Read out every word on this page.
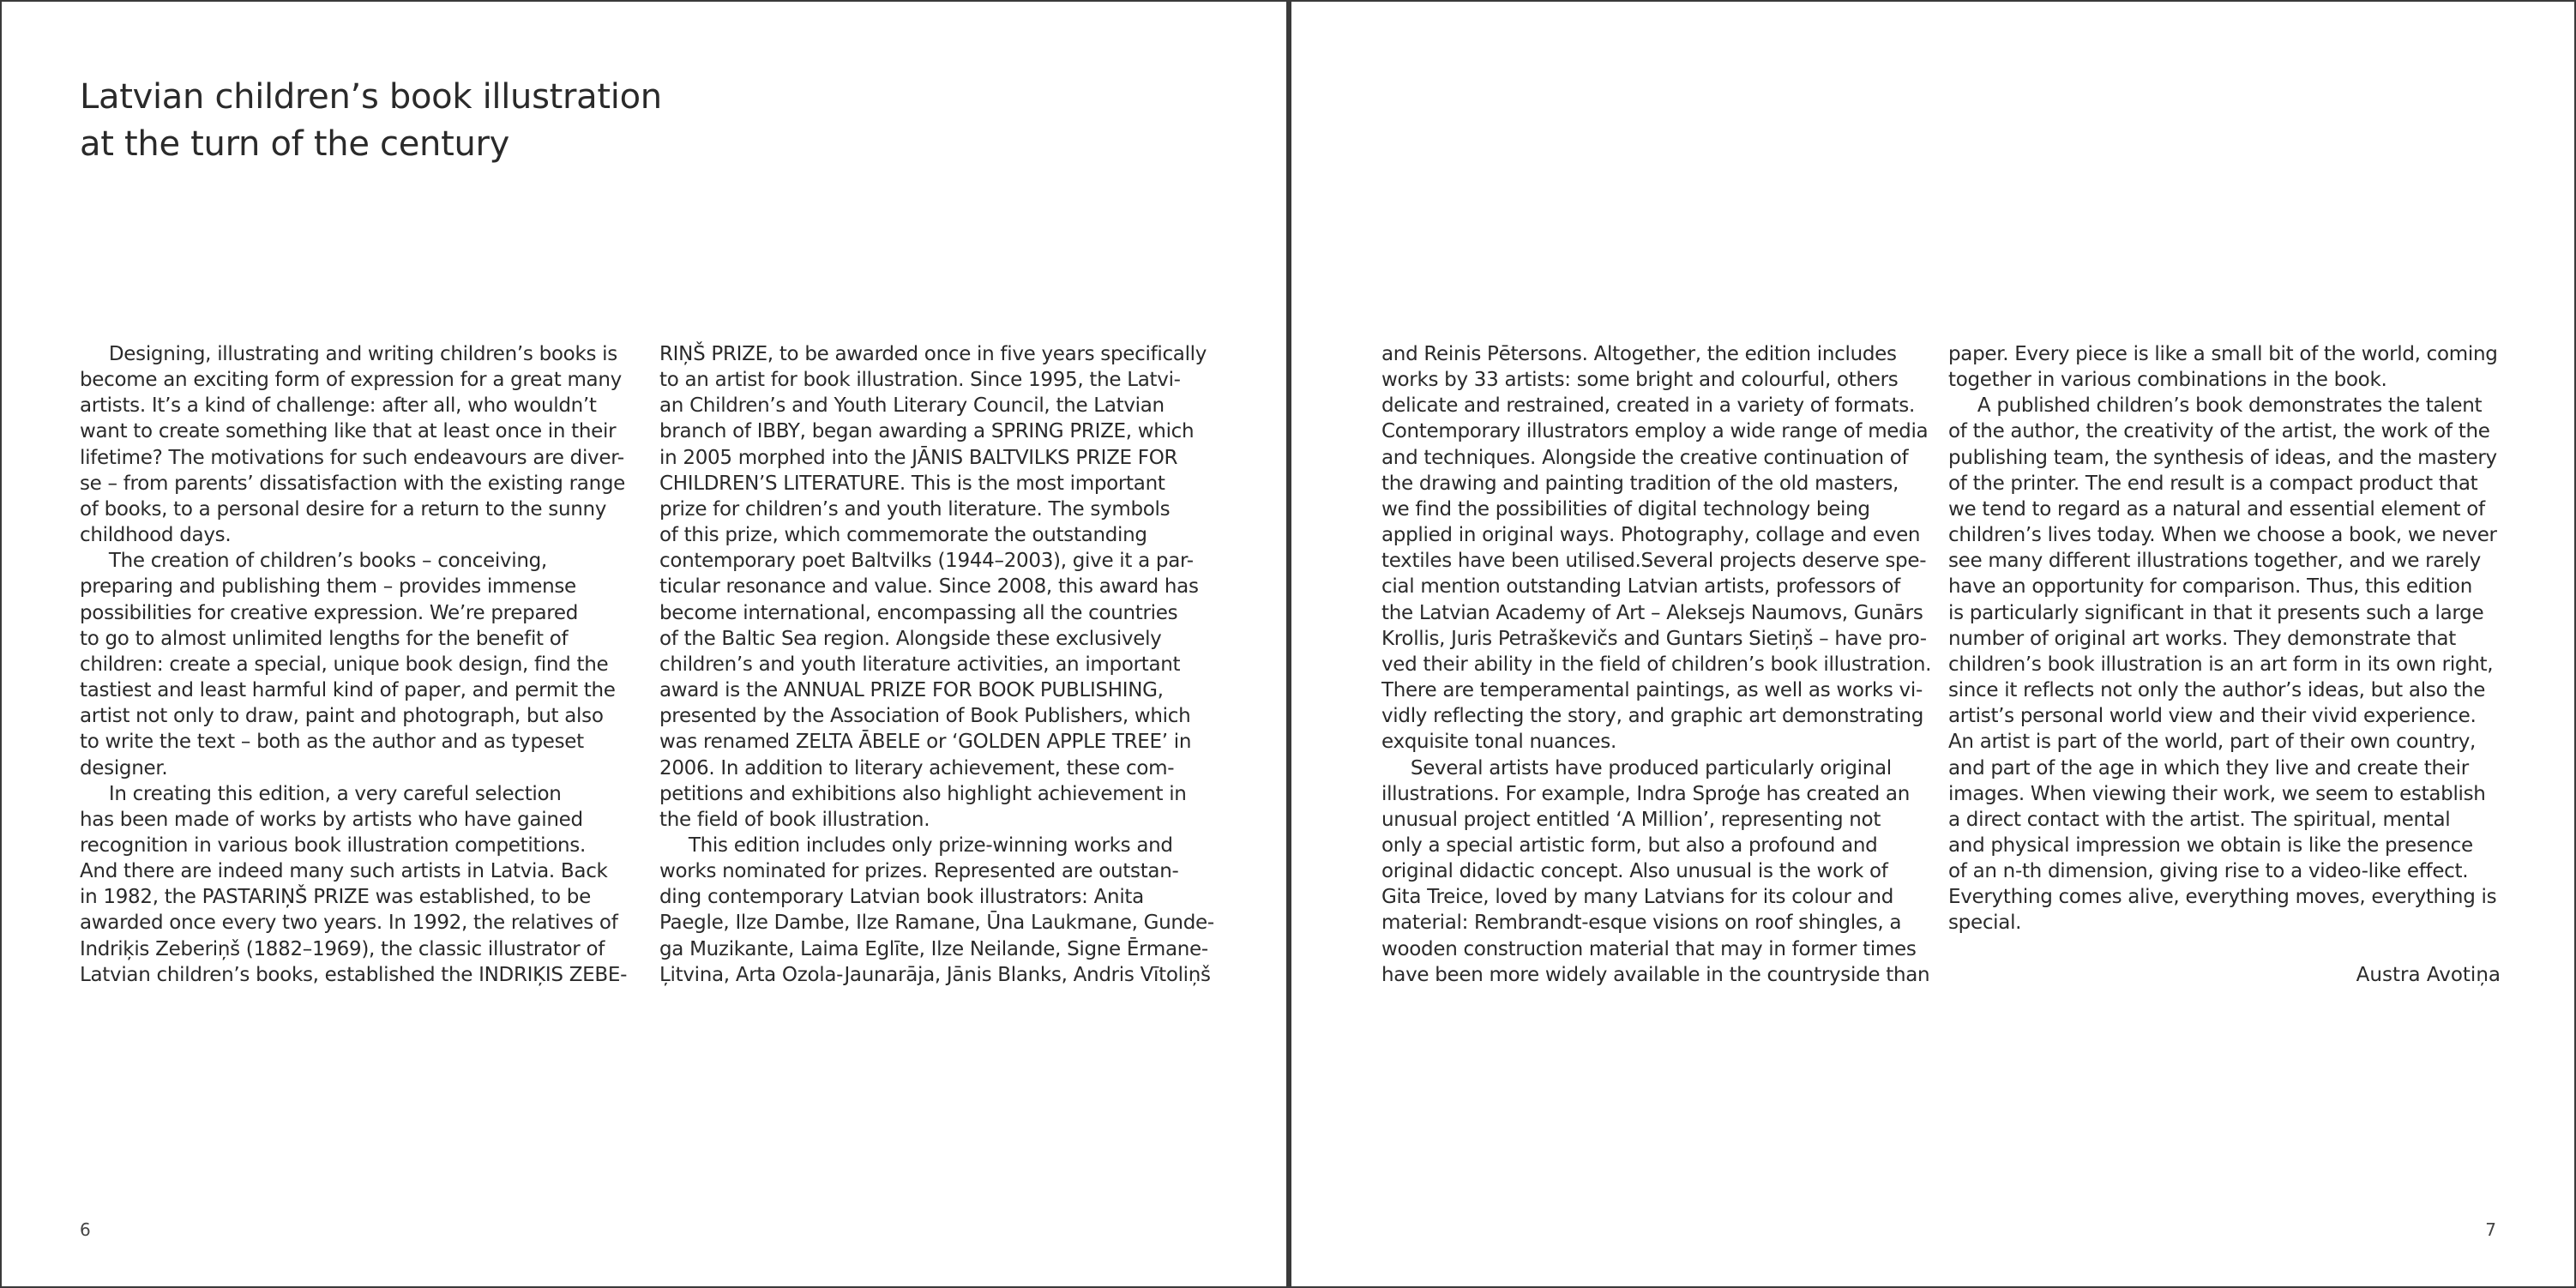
Latvian children’s book illustration
at the turn of the century
  Designing, illustrating and writing children’s books is
become an exciting form of expression for a great many
artists. It’s a kind of challenge: after all, who wouldn’t
want to create something like that at least once in their
lifetime? The motivations for such endeavours are diver-
se – from parents’ dissatisfaction with the existing range
of books, to a personal desire for a return to the sunny
childhood days.
  The creation of children’s books – conceiving,
preparing and publishing them – provides immense
possibilities for creative expression. We’re prepared
to go to almost unlimited lengths for the benefit of
children: create a special, unique book design, find the
tastiest and least harmful kind of paper, and permit the
artist not only to draw, paint and photograph, but also
to write the text – both as the author and as typeset
designer.
  In creating this edition, a very careful selection
has been made of works by artists who have gained
recognition in various book illustration competitions.
And there are indeed many such artists in Latvia. Back
in 1982, the PASTARIŅŠ PRIZE was established, to be
awarded once every two years. In 1992, the relatives of
Indriķis Zeberiņš (1882–1969), the classic illustrator of
Latvian children’s books, established the INDRIĶIS ZEBE-
RIŅŠ PRIZE, to be awarded once in five years specifically
to an artist for book illustration. Since 1995, the Latvi-
an Children’s and Youth Literary Council, the Latvian
branch of IBBY, began awarding a SPRING PRIZE, which
in 2005 morphed into the JĀNIS BALTVILKS PRIZE FOR
CHILDREN’S LITERATURE. This is the most important
prize for children’s and youth literature. The symbols
of this prize, which commemorate the outstanding
contemporary poet Baltvilks (1944–2003), give it a par-
ticular resonance and value. Since 2008, this award has
become international, encompassing all the countries
of the Baltic Sea region. Alongside these exclusively
children’s and youth literature activities, an important
award is the ANNUAL PRIZE FOR BOOK PUBLISHING,
presented by the Association of Book Publishers, which
was renamed ZELTA ĀBELE or ‘GOLDEN APPLE TREE’ in
2006. In addition to literary achievement, these com-
petitions and exhibitions also highlight achievement in
the field of book illustration.
  This edition includes only prize-winning works and
works nominated for prizes. Represented are outstan-
ding contemporary Latvian book illustrators: Anita
Paegle, Ilze Dambe, Ilze Ramane, Ūna Laukmane, Gunde-
ga Muzikante, Laima Eglīte, Ilze Neilande, Signe Ērmane-
Ļitvina, Arta Ozola-Jaunarāja, Jānis Blanks, Andris Vītoliņš
6
and Reinis Pētersons. Altogether, the edition includes
works by 33 artists: some bright and colourful, others
delicate and restrained, created in a variety of formats.
Contemporary illustrators employ a wide range of media
and techniques. Alongside the creative continuation of
the drawing and painting tradition of the old masters,
we find the possibilities of digital technology being
applied in original ways. Photography, collage and even
textiles have been utilised.Several projects deserve spe-
cial mention outstanding Latvian artists, professors of
the Latvian Academy of Art – Aleksejs Naumovs, Gunārs
Krollis, Juris Petraškevičs and Guntars Sietiņš – have pro-
ved their ability in the field of children’s book illustration.
There are temperamental paintings, as well as works vi-
vidly reflecting the story, and graphic art demonstrating
exquisite tonal nuances.
  Several artists have produced particularly original
illustrations. For example, Indra Sproģe has created an
unusual project entitled ‘A Million’, representing not
only a special artistic form, but also a profound and
original didactic concept. Also unusual is the work of
Gita Treice, loved by many Latvians for its colour and
material: Rembrandt-esque visions on roof shingles, a
wooden construction material that may in former times
have been more widely available in the countryside than
paper. Every piece is like a small bit of the world, coming
together in various combinations in the book.
  A published children’s book demonstrates the talent
of the author, the creativity of the artist, the work of the
publishing team, the synthesis of ideas, and the mastery
of the printer. The end result is a compact product that
we tend to regard as a natural and essential element of
children’s lives today. When we choose a book, we never
see many different illustrations together, and we rarely
have an opportunity for comparison. Thus, this edition
is particularly significant in that it presents such a large
number of original art works. They demonstrate that
children’s book illustration is an art form in its own right,
since it reflects not only the author’s ideas, but also the
artist’s personal world view and their vivid experience.
An artist is part of the world, part of their own country,
and part of the age in which they live and create their
images. When viewing their work, we seem to establish
a direct contact with the artist. The spiritual, mental
and physical impression we obtain is like the presence
of an n-th dimension, giving rise to a video-like effect.
Everything comes alive, everything moves, everything is
special.
Austra Avotiņa
7
